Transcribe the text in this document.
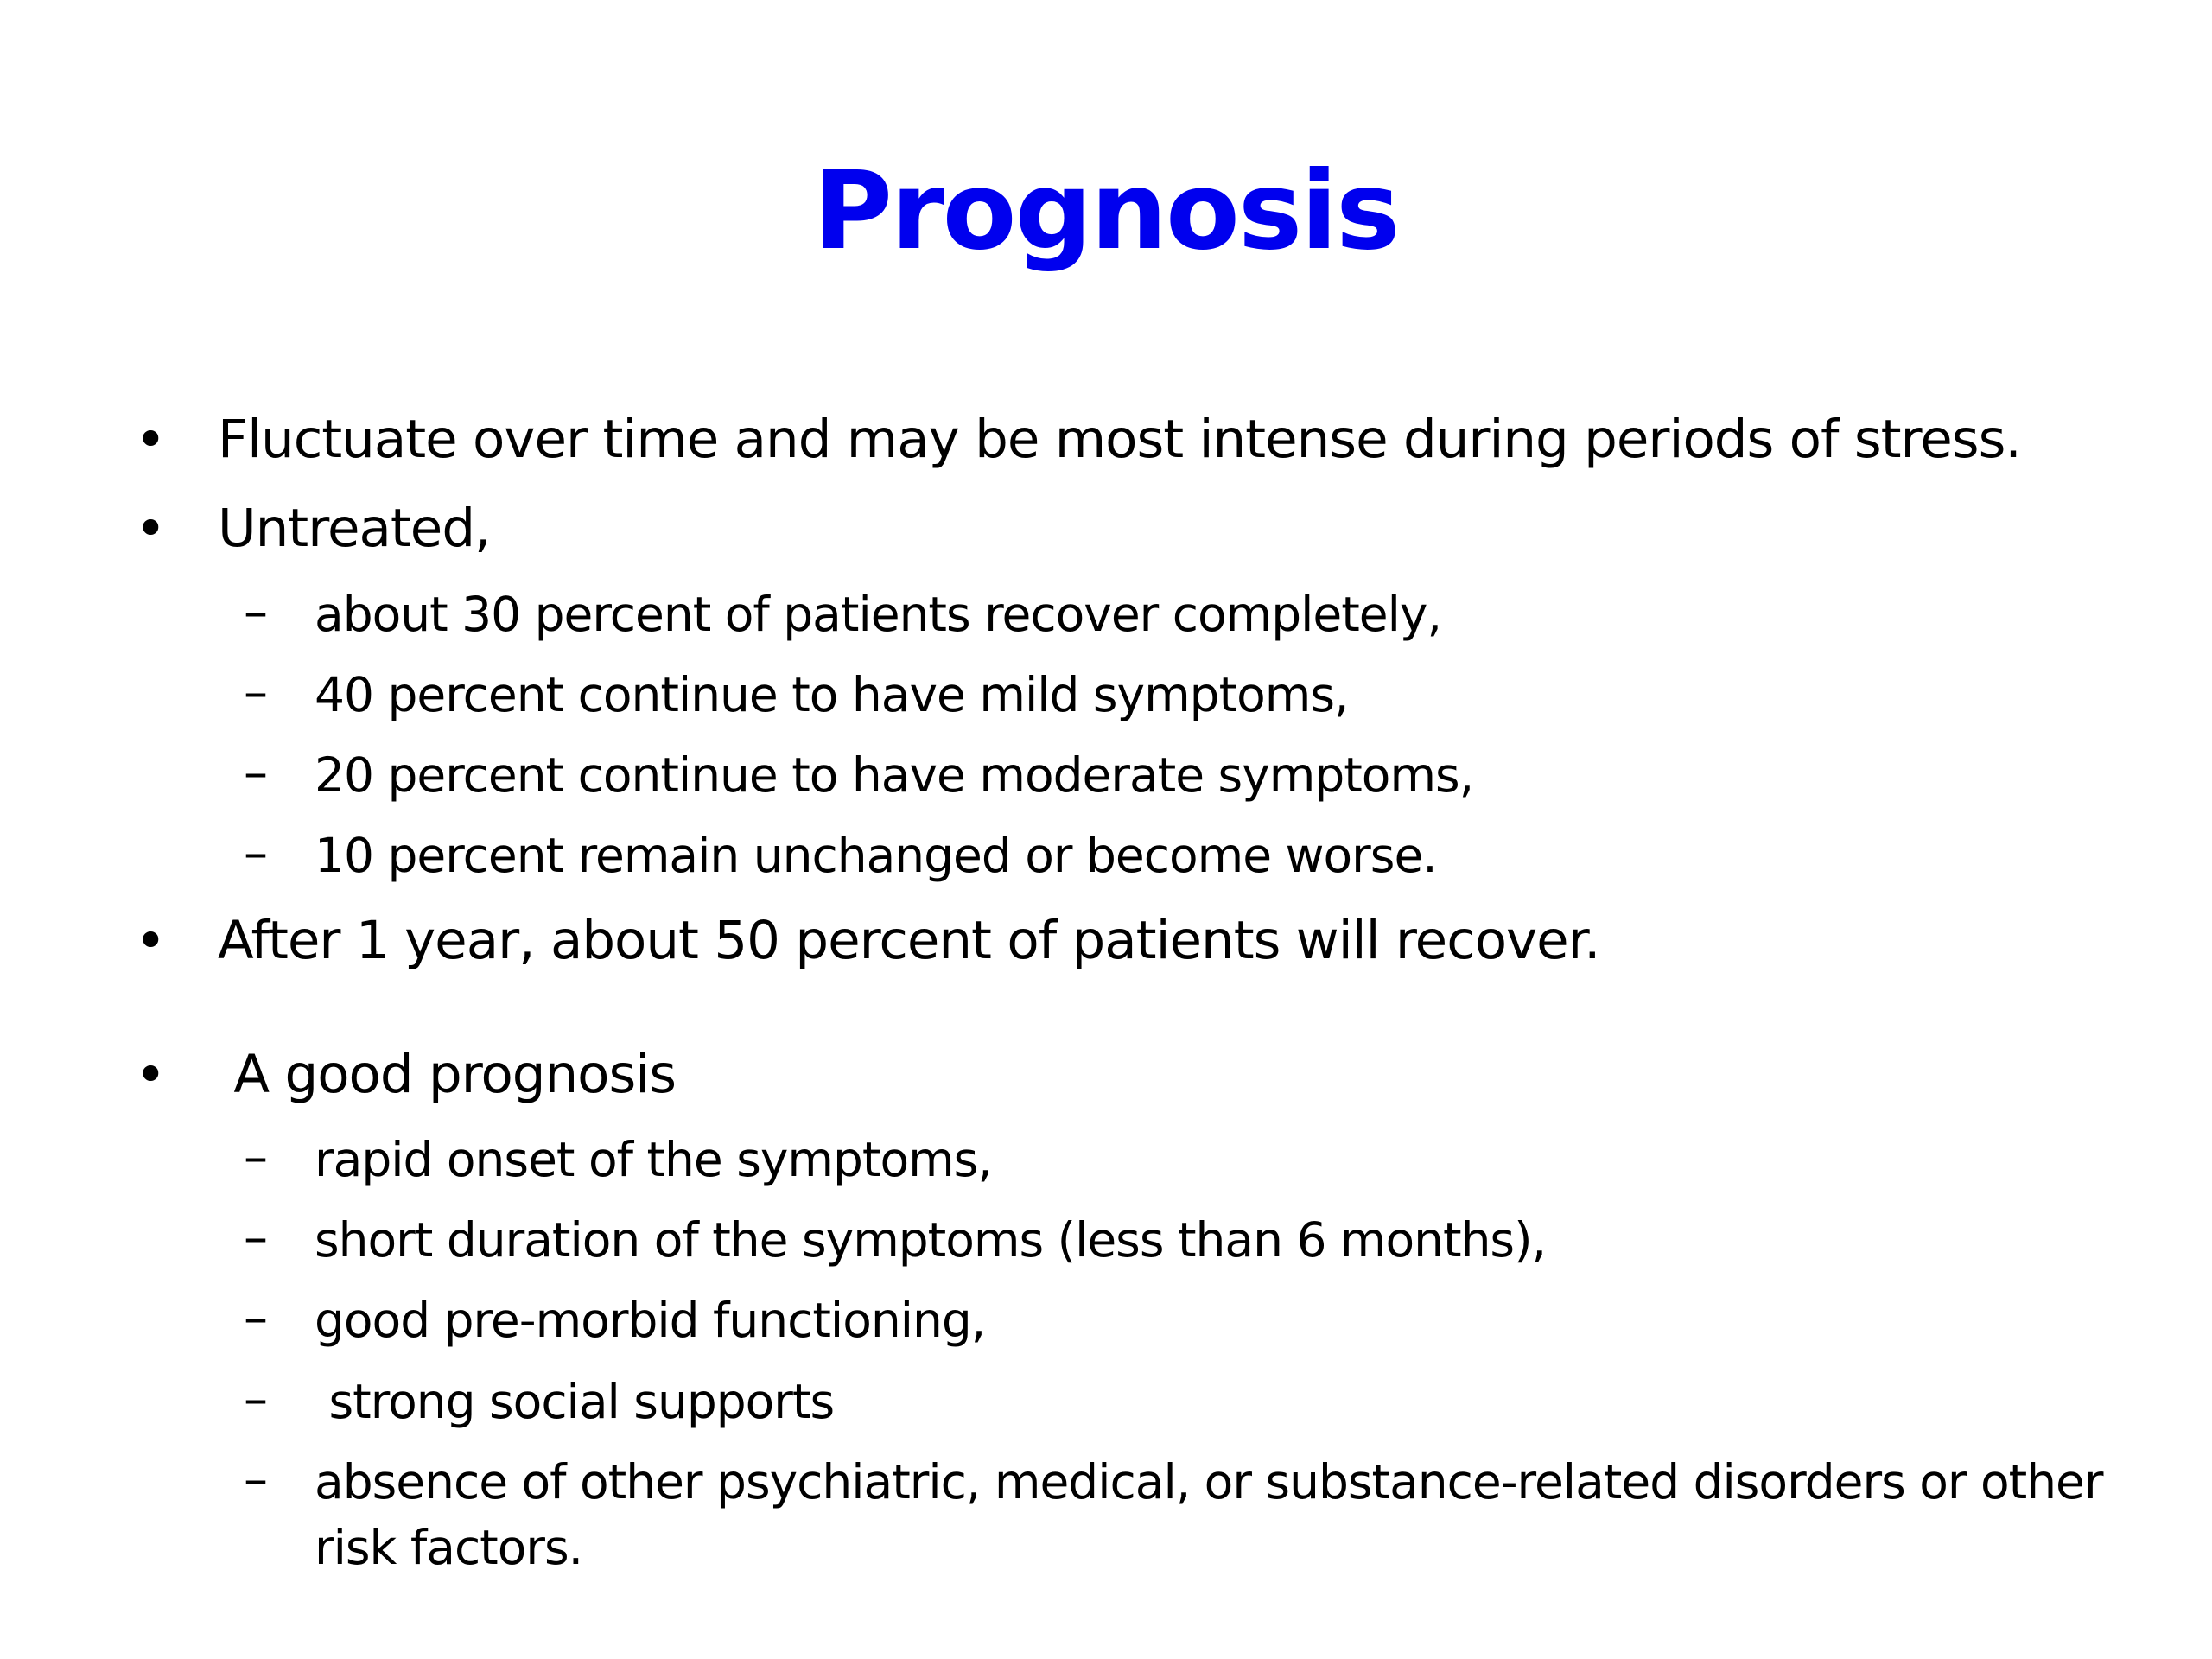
Prognosis
• Fluctuate over time and may be most intense during periods of stress.
• Untreated,
– about 30 percent of patients recover completely,
– 40 percent continue to have mild symptoms,
– 20 percent continue to have moderate symptoms,
– 10 percent remain unchanged or become worse.
• After 1 year, about 50 percent of patients will recover.
• A good prognosis
– rapid onset of the symptoms,
– short duration of the symptoms (less than 6 months),
– good pre-morbid functioning,
– strong social supports
– absence of other psychiatric, medical, or substance-related disorders or other risk factors.
